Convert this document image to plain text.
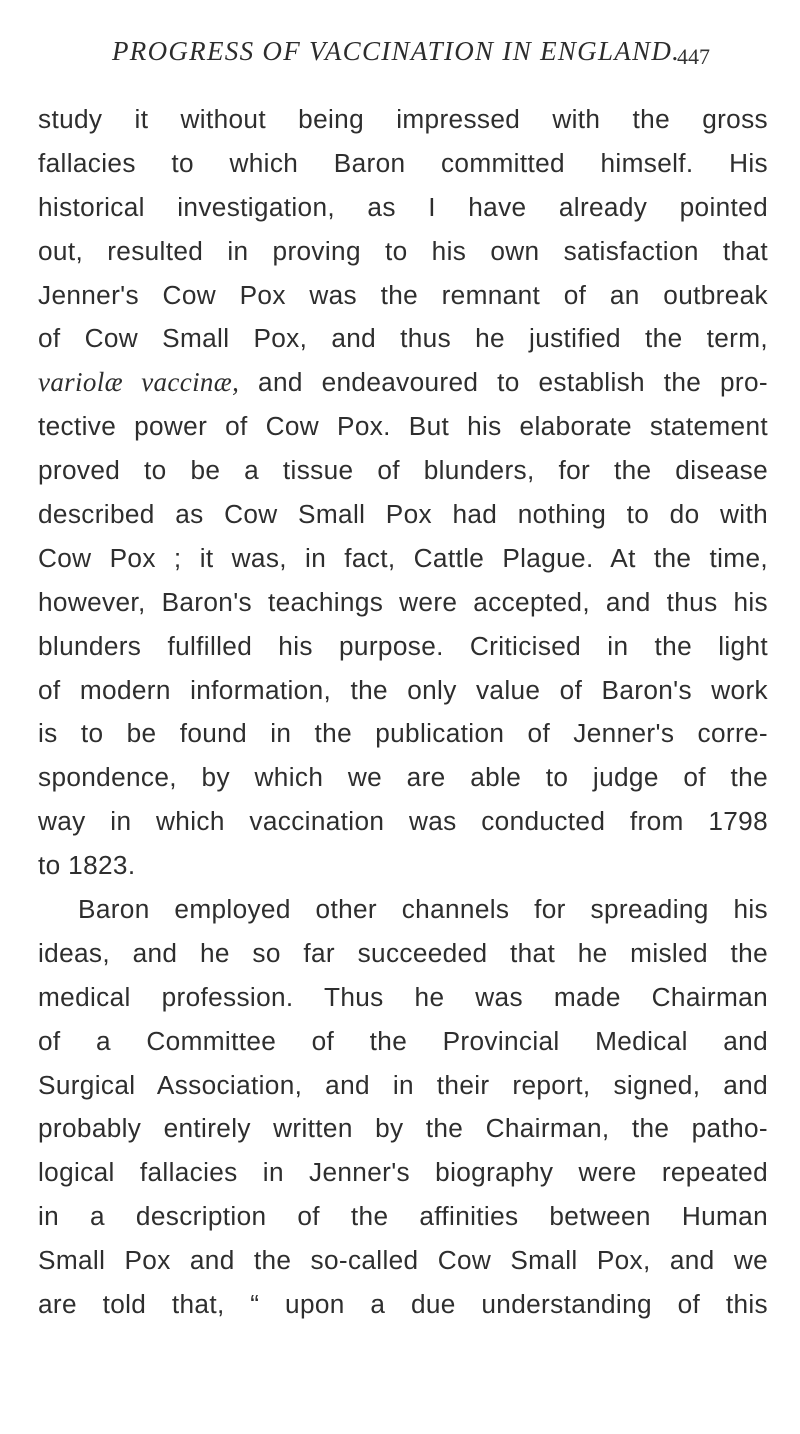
PROGRESS OF VACCINATION IN ENGLAND.
447
study it without being impressed with the gross
fallacies to which Baron committed himself. His
historical investigation, as I have already pointed
out, resulted in proving to his own satisfaction that
Jenner's Cow Pox was the remnant of an outbreak
of Cow Small Pox, and thus he justified the term,
variolæ vaccinæ, and endeavoured to establish the pro-
tective power of Cow Pox. But his elaborate statement
proved to be a tissue of blunders, for the disease
described as Cow Small Pox had nothing to do with
Cow Pox ; it was, in fact, Cattle Plague. At the time,
however, Baron's teachings were accepted, and thus his
blunders fulfilled his purpose. Criticised in the light
of modern information, the only value of Baron's work
is to be found in the publication of Jenner's corre-
spondence, by which we are able to judge of the
way in which vaccination was conducted from 1798
to 1823.
Baron employed other channels for spreading his
ideas, and he so far succeeded that he misled the
medical profession. Thus he was made Chairman
of a Committee of the Provincial Medical and
Surgical Association, and in their report, signed, and
probably entirely written by the Chairman, the patho-
logical fallacies in Jenner's biography were repeated
in a description of the affinities between Human
Small Pox and the so-called Cow Small Pox, and we
are told that, “ upon a due understanding of this
